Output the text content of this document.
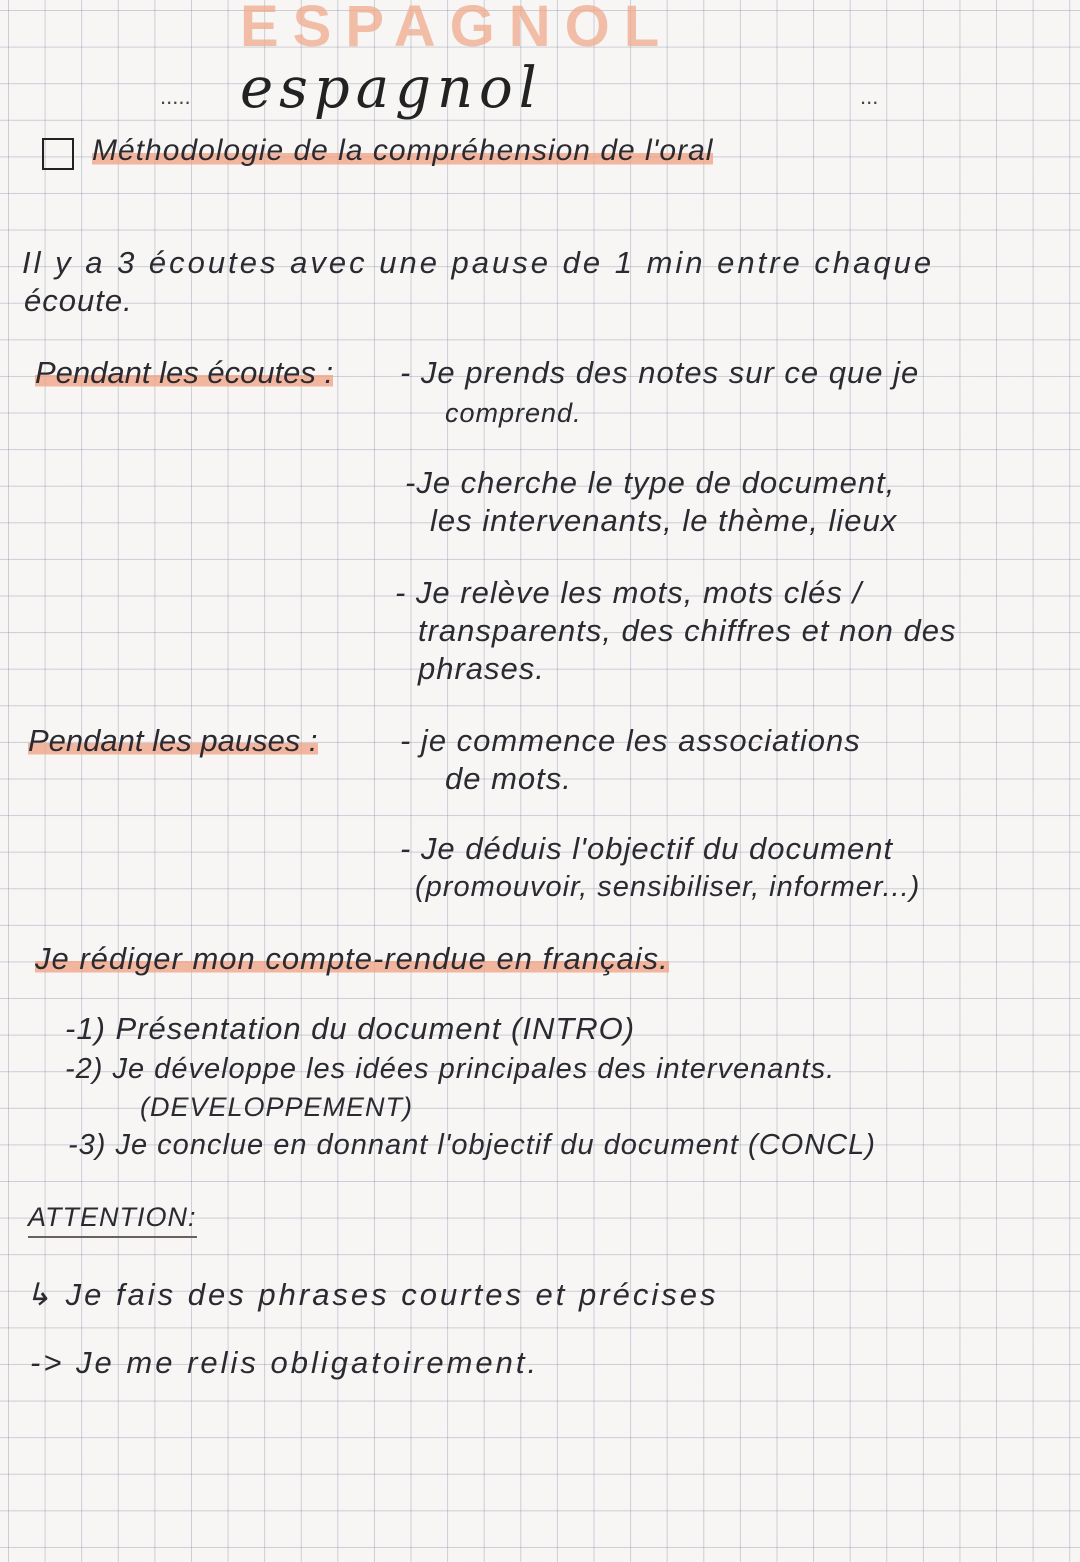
ESPAGNOL
..... espagnol	...
Méthodologie de la compréhension de l'oral
Il y a 3 écoutes avec une pause de 1 min entre chaque
écoute.
Pendant les écoutes : - Je prends des notes sur ce que je
comprend.
-Je cherche le type de document,
les intervenants, le thème, lieux
- Je relève les mots, mots clés /
transparents, des chiffres et non des
phrases.
Pendant les pauses :	- je commence les associations
de mots.
- Je déduis l'objectif du document
(promouvoir, sensibiliser, informer...)
Je rédiger mon compte-rendue en français.
-1) Présentation du document (INTRO)
-2) Je développe les idées principales des intervenants.
(DEVELOPPEMENT)
-3) Je conclue en donnant l'objectif du document (CONCL)
ATTENTION:
↳ Je fais des phrases courtes et précises
-> Je me relis obligatoirement.
